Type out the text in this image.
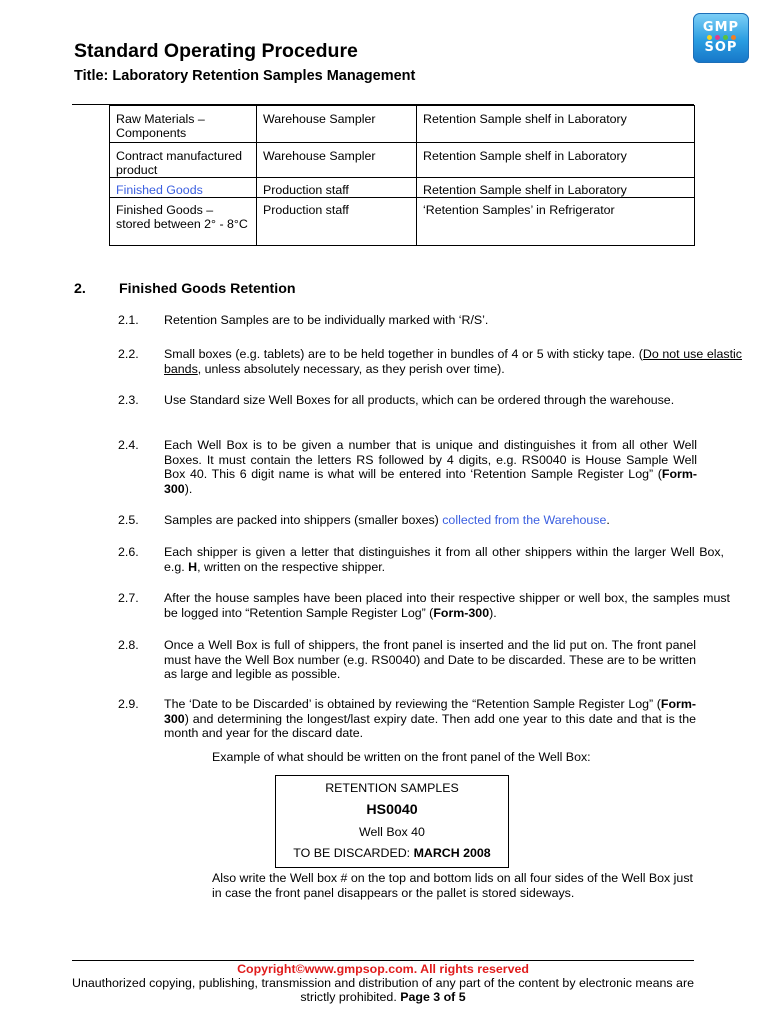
Standard Operating Procedure
Title: Laboratory Retention Samples Management
GMP
SOP
Raw Materials – Components	Warehouse Sampler	Retention Sample shelf in Laboratory
Contract manufactured product	Warehouse Sampler	Retention Sample shelf in Laboratory
Finished Goods	Production staff	Retention Sample shelf in Laboratory
Finished Goods – stored between 2° - 8°C	Production staff	‘Retention Samples’ in Refrigerator
2. Finished Goods Retention
2.1. Retention Samples are to be individually marked with ‘R/S’.
2.2. Small boxes (e.g. tablets) are to be held together in bundles of 4 or 5 with sticky tape. (Do not use elastic bands, unless absolutely necessary, as they perish over time).
2.3. Use Standard size Well Boxes for all products, which can be ordered through the warehouse.
2.4. Each Well Box is to be given a number that is unique and distinguishes it from all other Well Boxes. It must contain the letters RS followed by 4 digits, e.g. RS0040 is House Sample Well Box 40. This 6 digit name is what will be entered into ‘Retention Sample Register Log” (Form-300).
2.5. Samples are packed into shippers (smaller boxes) collected from the Warehouse.
2.6. Each shipper is given a letter that distinguishes it from all other shippers within the larger Well Box, e.g. H, written on the respective shipper.
2.7. After the house samples have been placed into their respective shipper or well box, the samples must be logged into “Retention Sample Register Log” (Form-300).
2.8. Once a Well Box is full of shippers, the front panel is inserted and the lid put on. The front panel must have the Well Box number (e.g. RS0040) and Date to be discarded. These are to be written as large and legible as possible.
2.9. The ‘Date to be Discarded’ is obtained by reviewing the “Retention Sample Register Log” (Form-300) and determining the longest/last expiry date. Then add one year to this date and that is the month and year for the discard date.
Example of what should be written on the front panel of the Well Box:
RETENTION SAMPLES
HS0040
Well Box 40
TO BE DISCARDED: MARCH 2008
Also write the Well box # on the top and bottom lids on all four sides of the Well Box just in case the front panel disappears or the pallet is stored sideways.
Copyright©www.gmpsop.com. All rights reserved
Unauthorized copying, publishing, transmission and distribution of any part of the content by electronic means are strictly prohibited. Page 3 of 5
